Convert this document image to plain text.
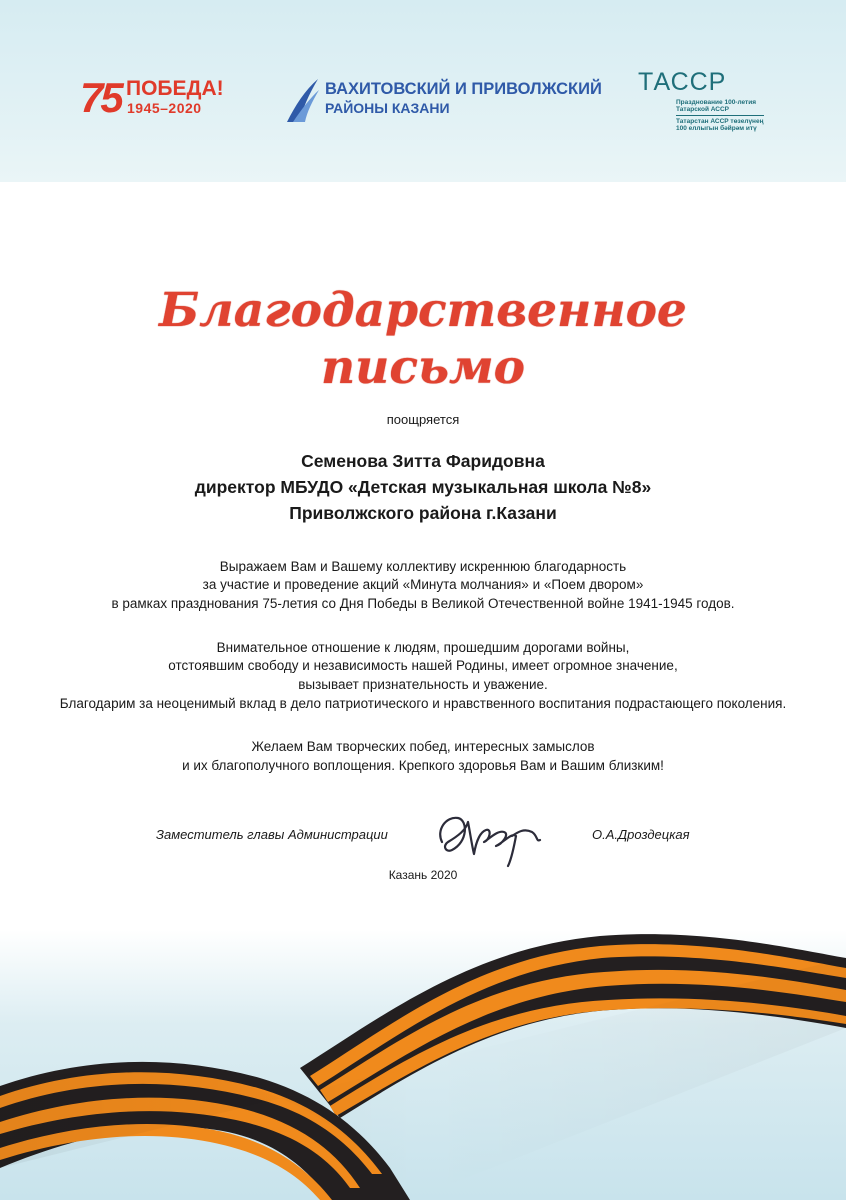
75 ПОБЕДА!
1945–2020
ВАХИТОВСКИЙ И ПРИВОЛЖСКИЙ
РАЙОНЫ КАЗАНИ
ТАССР
Празднование 100-летия
Татарской АССР
Татарстан АССР төзелүнең
100 еллыгын бәйрәм итү
Благодарственное
письмо
поощряется
Семенова Зитта Фаридовна
директор МБУДО «Детская музыкальная школа №8»
Приволжского района г.Казани
Выражаем Вам и Вашему коллективу искреннюю благодарность
за участие и проведение акций «Минута молчания» и «Поем двором»
в рамках празднования 75-летия со Дня Победы в Великой Отечественной войне 1941-1945 годов.
Внимательное отношение к людям, прошедшим дорогами войны,
отстоявшим свободу и независимость нашей Родины, имеет огромное значение,
вызывает признательность и уважение.
Благодарим за неоценимый вклад в дело патриотического и нравственного воспитания подрастающего поколения.
Желаем Вам творческих побед, интересных замыслов
и их благополучного воплощения. Крепкого здоровья Вам и Вашим близким!
Заместитель главы Администрации	О.А.Дроздецкая
Казань 2020
